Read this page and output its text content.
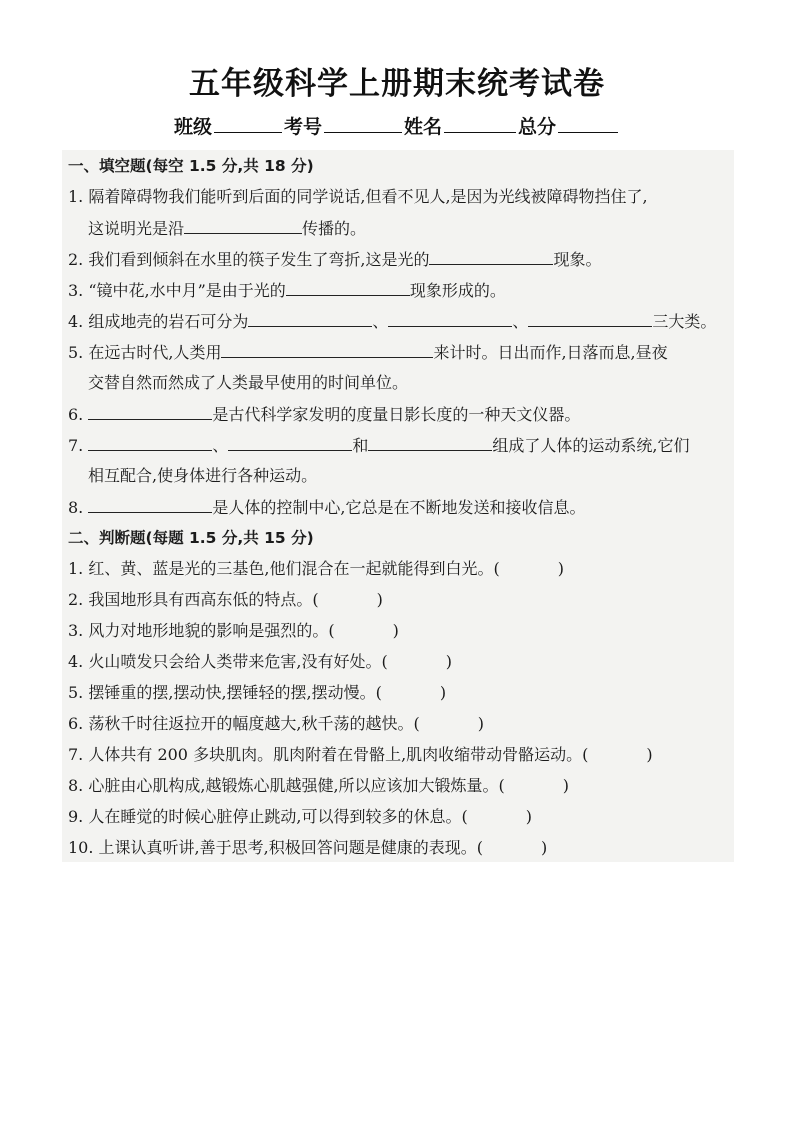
五年级科学上册期末统考试卷
班级	考号	姓名	总分
一、填空题(每空 1.5 分,共 18 分)
1. 隔着障碍物我们能听到后面的同学说话,但看不见人,是因为光线被障碍物挡住了,
这说明光是沿	传播的。
2. 我们看到倾斜在水里的筷子发生了弯折,这是光的	现象。
3. “镜中花,水中月”是由于光的	现象形成的。
4. 组成地壳的岩石可分为	、	、	三大类。
5. 在远古时代,人类用	来计时。日出而作,日落而息,昼夜
交替自然而然成了人类最早使用的时间单位。
6.	是古代科学家发明的度量日影长度的一种天文仪器。
7.	、	和	组成了人体的运动系统,它们
相互配合,使身体进行各种运动。
8.	是人体的控制中心,它总是在不断地发送和接收信息。
二、判断题(每题 1.5 分,共 15 分)
1. 红、黄、蓝是光的三基色,他们混合在一起就能得到白光。(	)
2. 我国地形具有西高东低的特点。(	)
3. 风力对地形地貌的影响是强烈的。(	)
4. 火山喷发只会给人类带来危害,没有好处。(	)
5. 摆锤重的摆,摆动快,摆锤轻的摆,摆动慢。(	)
6. 荡秋千时往返拉开的幅度越大,秋千荡的越快。(	)
7. 人体共有 200 多块肌肉。肌肉附着在骨骼上,肌肉收缩带动骨骼运动。(	)
8. 心脏由心肌构成,越锻炼心肌越强健,所以应该加大锻炼量。(	)
9. 人在睡觉的时候心脏停止跳动,可以得到较多的休息。(	)
10. 上课认真听讲,善于思考,积极回答问题是健康的表现。(	)
